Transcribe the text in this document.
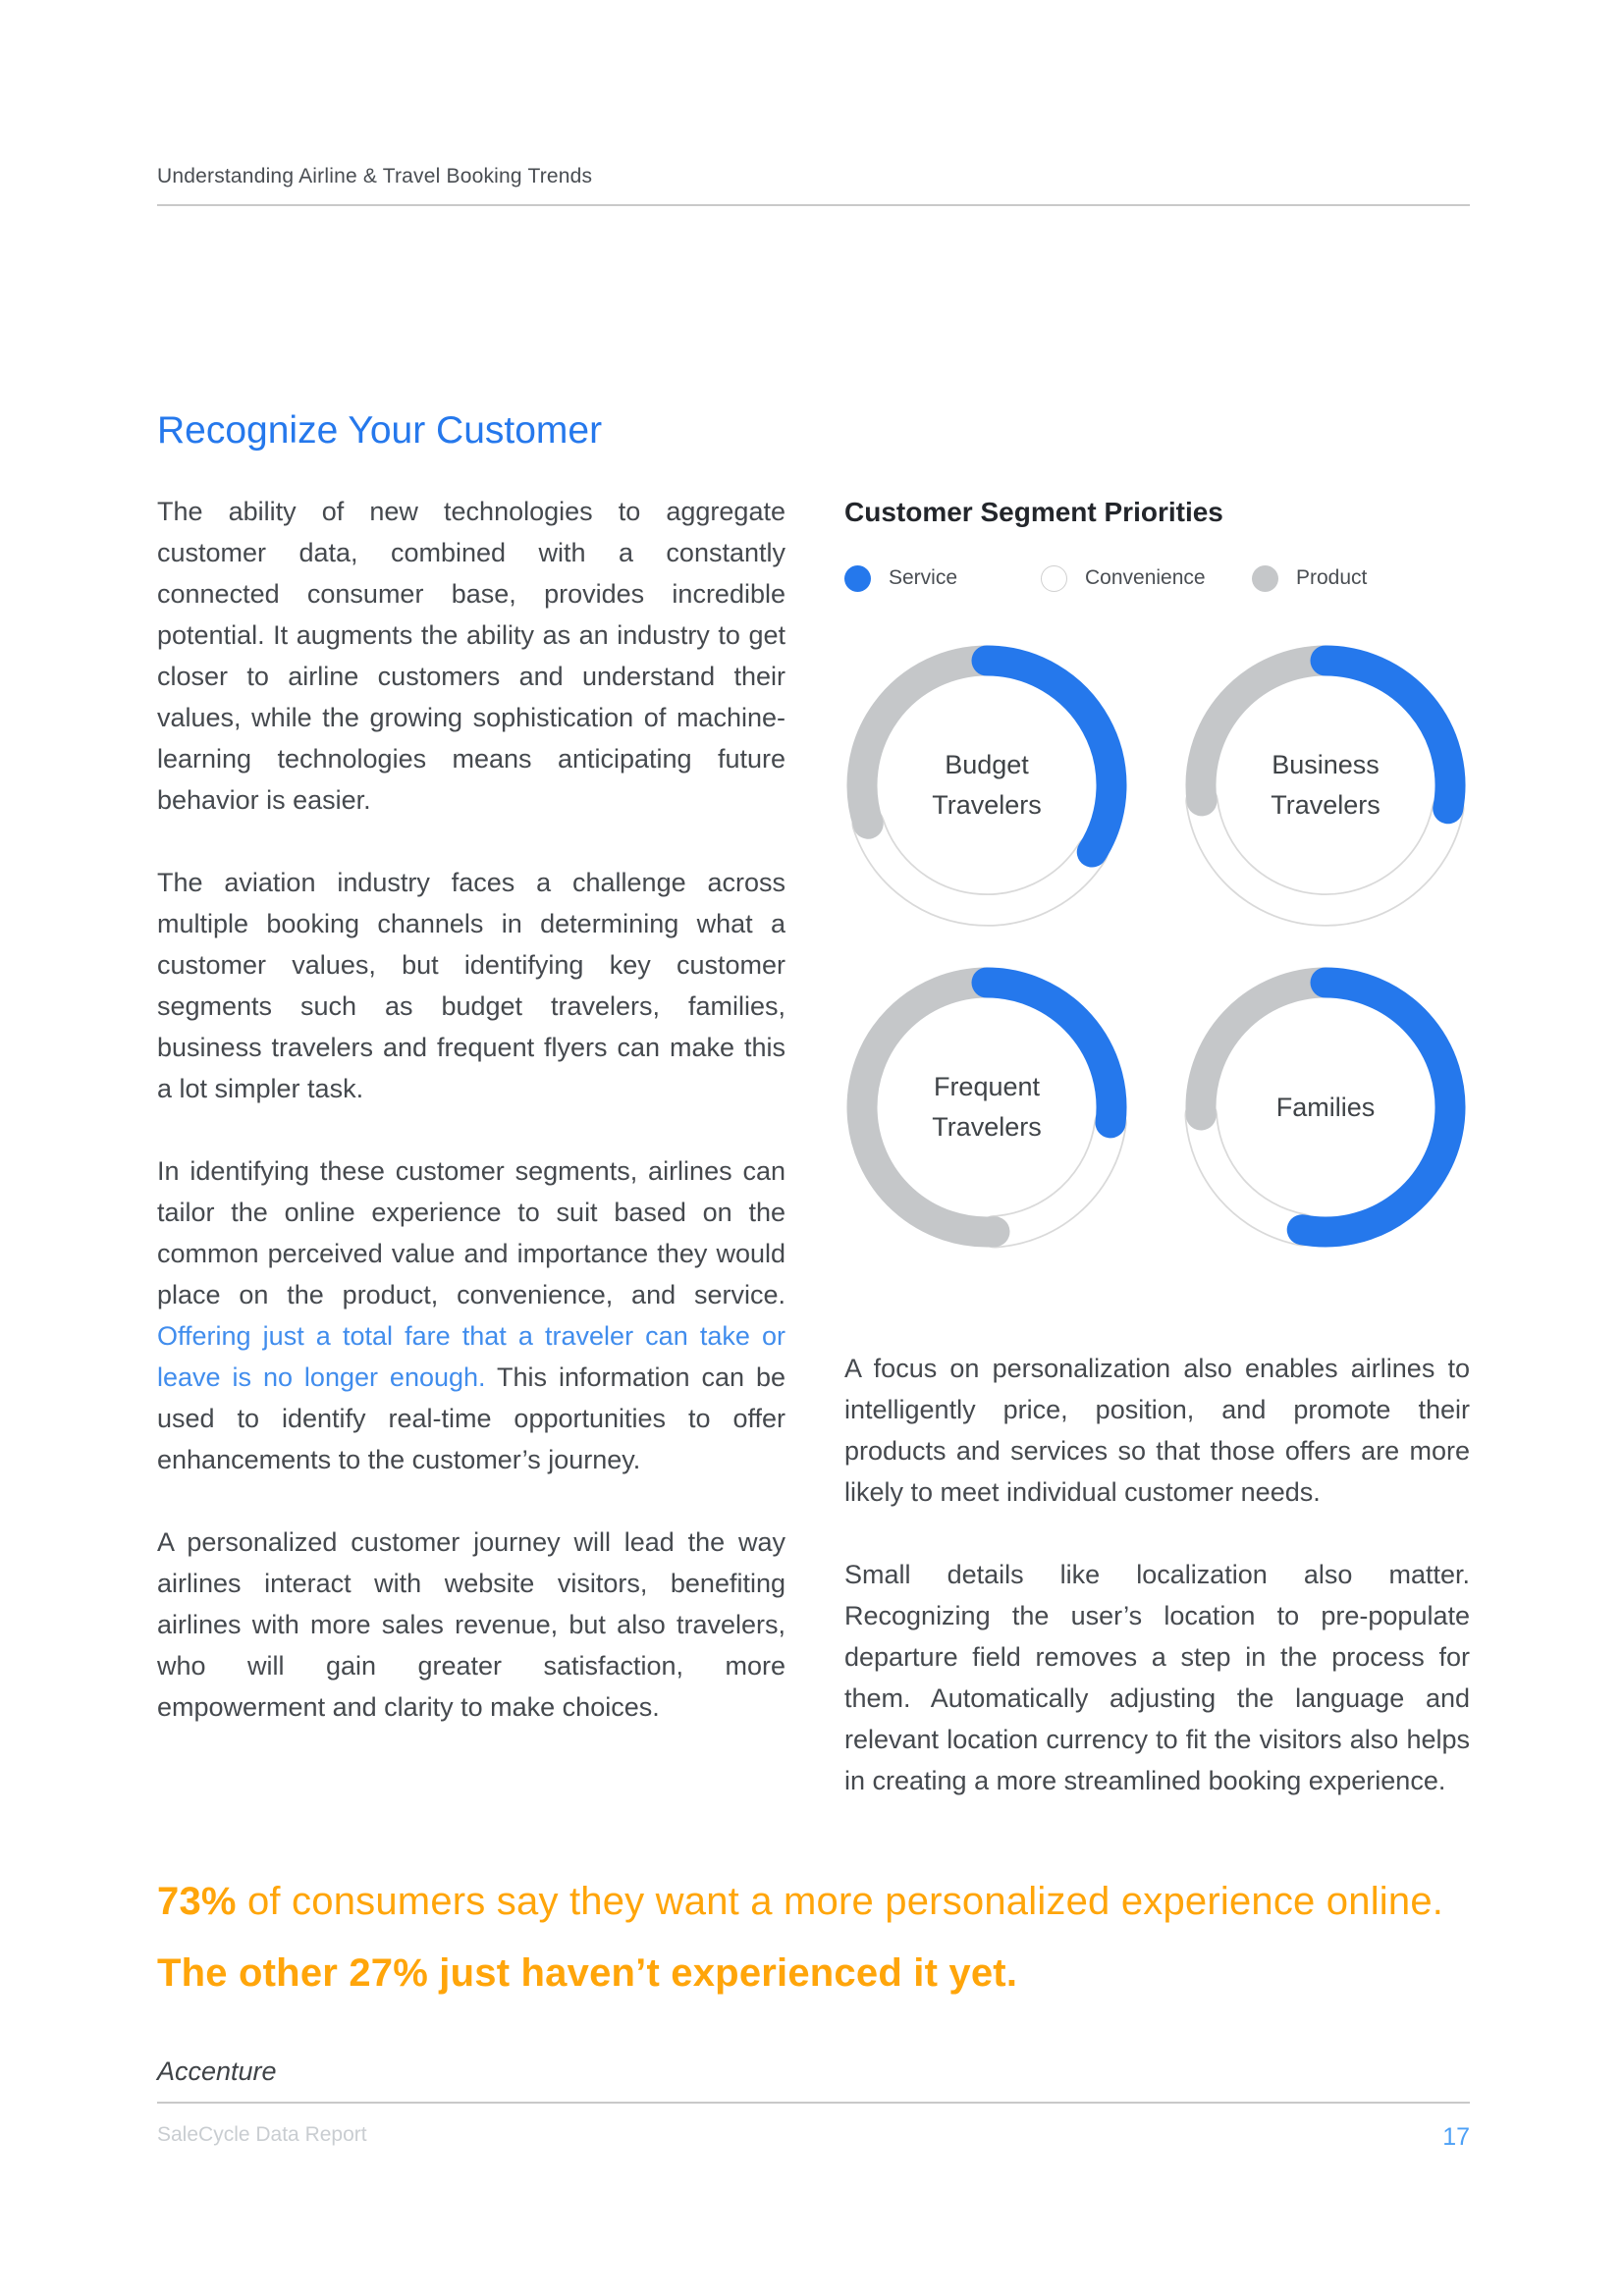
Understanding Airline & Travel Booking Trends
Recognize Your Customer

The ability of new technologies to aggregate customer data, combined with a constantly connected consumer base, provides incredible potential. It augments the ability as an industry to get closer to airline customers and understand their values, while the growing sophistication of machine-learning technologies means anticipating future behavior is easier.

The aviation industry faces a challenge across multiple booking channels in determining what a customer values, but identifying key customer segments such as budget travelers, families, business travelers and frequent flyers can make this a lot simpler task.

In identifying these customer segments, airlines can tailor the online experience to suit based on the common perceived value and importance they would place on the product, convenience, and service. Offering just a total fare that a traveler can take or leave is no longer enough. This information can be used to identify real-time opportunities to offer enhancements to the customer’s journey.

A personalized customer journey will lead the way airlines interact with website visitors, benefiting airlines with more sales revenue, but also travelers, who will gain greater satisfaction, more empowerment and clarity to make choices.

Customer Segment Priorities
Service	Convenience	Product
Budget
Travelers
Business
Travelers
Frequent
Travelers
Families

A focus on personalization also enables airlines to intelligently price, position, and promote their products and services so that those offers are more likely to meet individual customer needs.

Small details like localization also matter. Recognizing the user’s location to pre-populate departure field removes a step in the process for them. Automatically adjusting the language and relevant location currency to fit the visitors also helps in creating a more streamlined booking experience.

73% of consumers say they want a more personalized experience online. The other 27% just haven’t experienced it yet.
Accenture
SaleCycle Data Report	17
